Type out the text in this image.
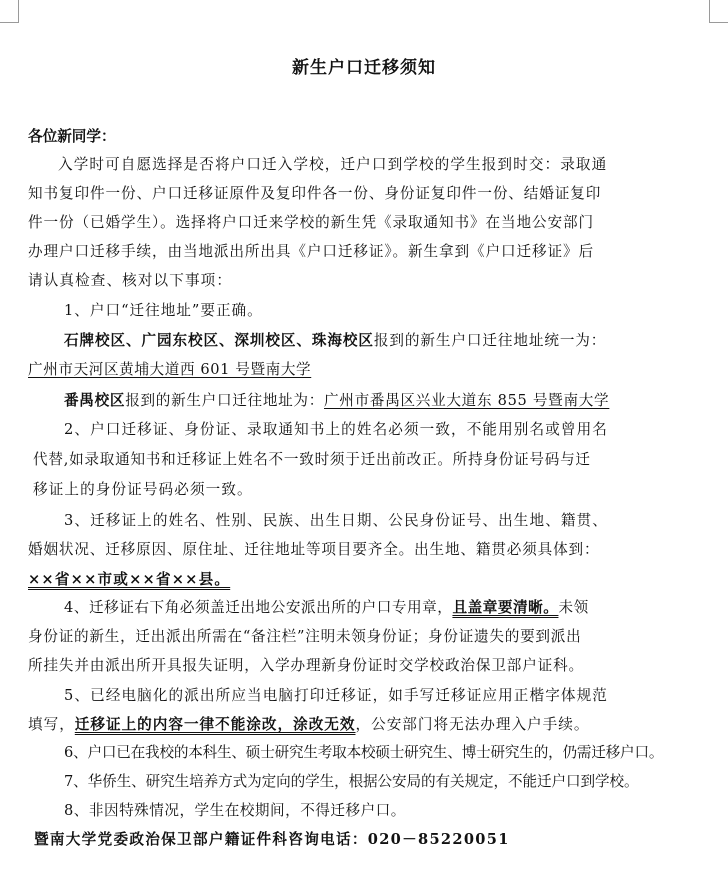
新生户口迁移须知
各位新同学：
入学时可自愿选择是否将户口迁入学校，迁户口到学校的学生报到时交：录取通
知书复印件一份、户口迁移证原件及复印件各一份、身份证复印件一份、结婚证复印
件一份（已婚学生）。选择将户口迁来学校的新生凭《录取通知书》在当地公安部门
办理户口迁移手续，由当地派出所出具《户口迁移证》。新生拿到《户口迁移证》后
请认真检查、核对以下事项：
1、户口“迁往地址”要正确。
石牌校区、广园东校区、深圳校区、珠海校区报到的新生户口迁往地址统一为：
广州市天河区黄埔大道西 601 号暨南大学
番禺校区报到的新生户口迁往地址为：广州市番禺区兴业大道东 855 号暨南大学
2、户口迁移证、身份证、录取通知书上的姓名必须一致，不能用别名或曾用名
代替,如录取通知书和迁移证上姓名不一致时须于迁出前改正。所持身份证号码与迁
移证上的身份证号码必须一致。
3、迁移证上的姓名、性别、民族、出生日期、公民身份证号、出生地、籍贯、
婚姻状况、迁移原因、原住址、迁往地址等项目要齐全。出生地、籍贯必须具体到：
××省××市或××省××县。
4、迁移证右下角必须盖迁出地公安派出所的户口专用章，且盖章要清晰。未领
身份证的新生，迁出派出所需在“备注栏”注明未领身份证；身份证遗失的要到派出
所挂失并由派出所开具报失证明，入学办理新身份证时交学校政治保卫部户证科。
5、已经电脑化的派出所应当电脑打印迁移证，如手写迁移证应用正楷字体规范
填写，迁移证上的内容一律不能涂改，涂改无效，公安部门将无法办理入户手续。
6、户口已在我校的本科生、硕士研究生考取本校硕士研究生、博士研究生的，仍需迁移户口。
7、华侨生、研究生培养方式为定向的学生，根据公安局的有关规定，不能迁户口到学校。
8、非因特殊情况，学生在校期间，不得迁移户口。
暨南大学党委政治保卫部户籍证件科咨询电话：020－85220051
